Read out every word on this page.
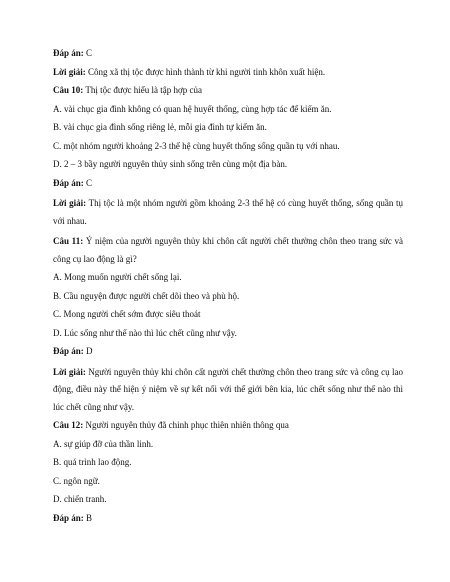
Đáp án: C

Lời giải: Công xã thị tộc được hình thành từ khi người tinh khôn xuất hiện.

Câu 10: Thị tộc được hiểu là tập hợp của

A. vài chục gia đình không có quan hệ huyết thống, cùng hợp tác để kiếm ăn.

B. vài chục gia đình sống riêng lẻ, mỗi gia đình tự kiếm ăn.

C. một nhóm người khoảng 2-3 thế hệ cùng huyết thống sống quần tụ với nhau.

D. 2 – 3 bầy người nguyên thủy sinh sống trên cùng một địa bàn.

Đáp án: C

Lời giải: Thị tộc là một nhóm người gồm khoảng 2-3 thế hệ có cùng huyết thống, sống quần tụ với nhau.

Câu 11: Ý niệm của người nguyên thủy khi chôn cất người chết thường chôn theo trang sức và công cụ lao động là gì?

A. Mong muốn người chết sống lại.

B. Cầu nguyện được người chết dõi theo và phù hộ.

C. Mong người chết sớm được siêu thoát

D. Lúc sống như thế nào thì lúc chết cũng như vậy.

Đáp án: D

Lời giải: Người nguyên thủy khi chôn cất người chết thường chôn theo trang sức và công cụ lao động, điều này thể hiện ý niệm về sự kết nối với thế giới bên kia, lúc chết sống như thế nào thì lúc chết cũng như vậy.

Câu 12: Người nguyên thủy đã chinh phục thiên nhiên thông qua

A. sự giúp đỡ của thần linh.

B. quá trình lao động.

C. ngôn ngữ.

D. chiến tranh.

Đáp án: B
